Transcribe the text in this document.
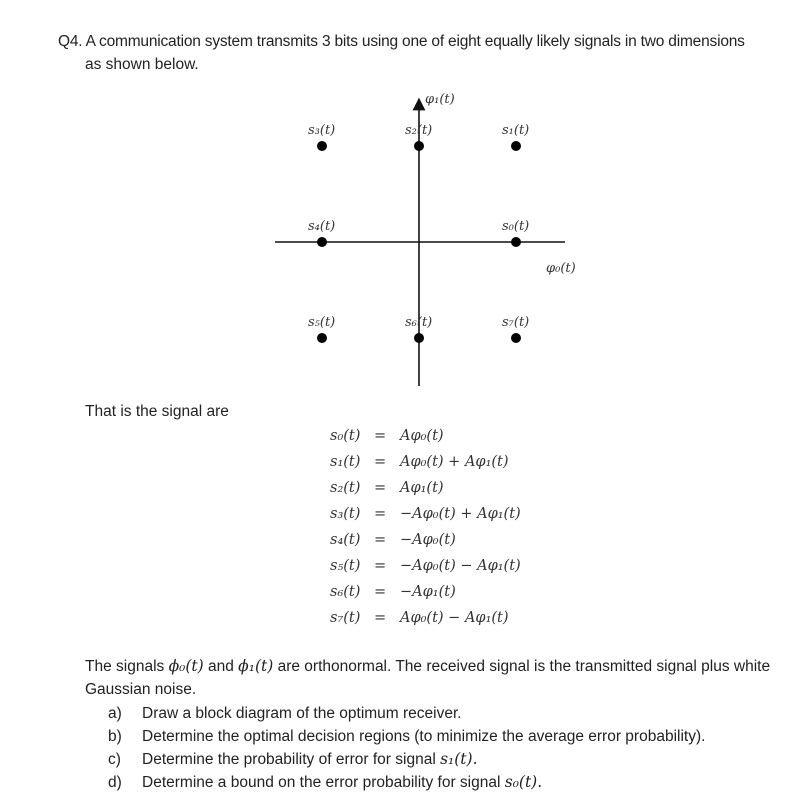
Q4. A communication system transmits 3 bits using one of eight equally likely signals in two dimensions
as shown below.
φ₁(t)
φ₀(t)
s₀(t)
s₁(t)
s₂(t)
s₃(t)
s₄(t)
s₅(t)	s₆(t)	s₇(t)
That is the signal are
s₀(t) = Aφ₀(t)
s₁(t) = Aφ₀(t) + Aφ₁(t)
s₂(t) = Aφ₁(t)
s₃(t) = −Aφ₀(t) + Aφ₁(t)
s₄(t) = −Aφ₀(t)
s₅(t) = −Aφ₀(t) − Aφ₁(t)
s₆(t) = −Aφ₁(t)
s₇(t) = Aφ₀(t) − Aφ₁(t)
The signals ϕ₀(t) and ϕ₁(t) are orthonormal. The received signal is the transmitted signal plus white Gaussian noise.
a) Draw a block diagram of the optimum receiver.
b) Determine the optimal decision regions (to minimize the average error probability).
c) Determine the probability of error for signal s₁(t).
d) Determine a bound on the error probability for signal s₀(t).
